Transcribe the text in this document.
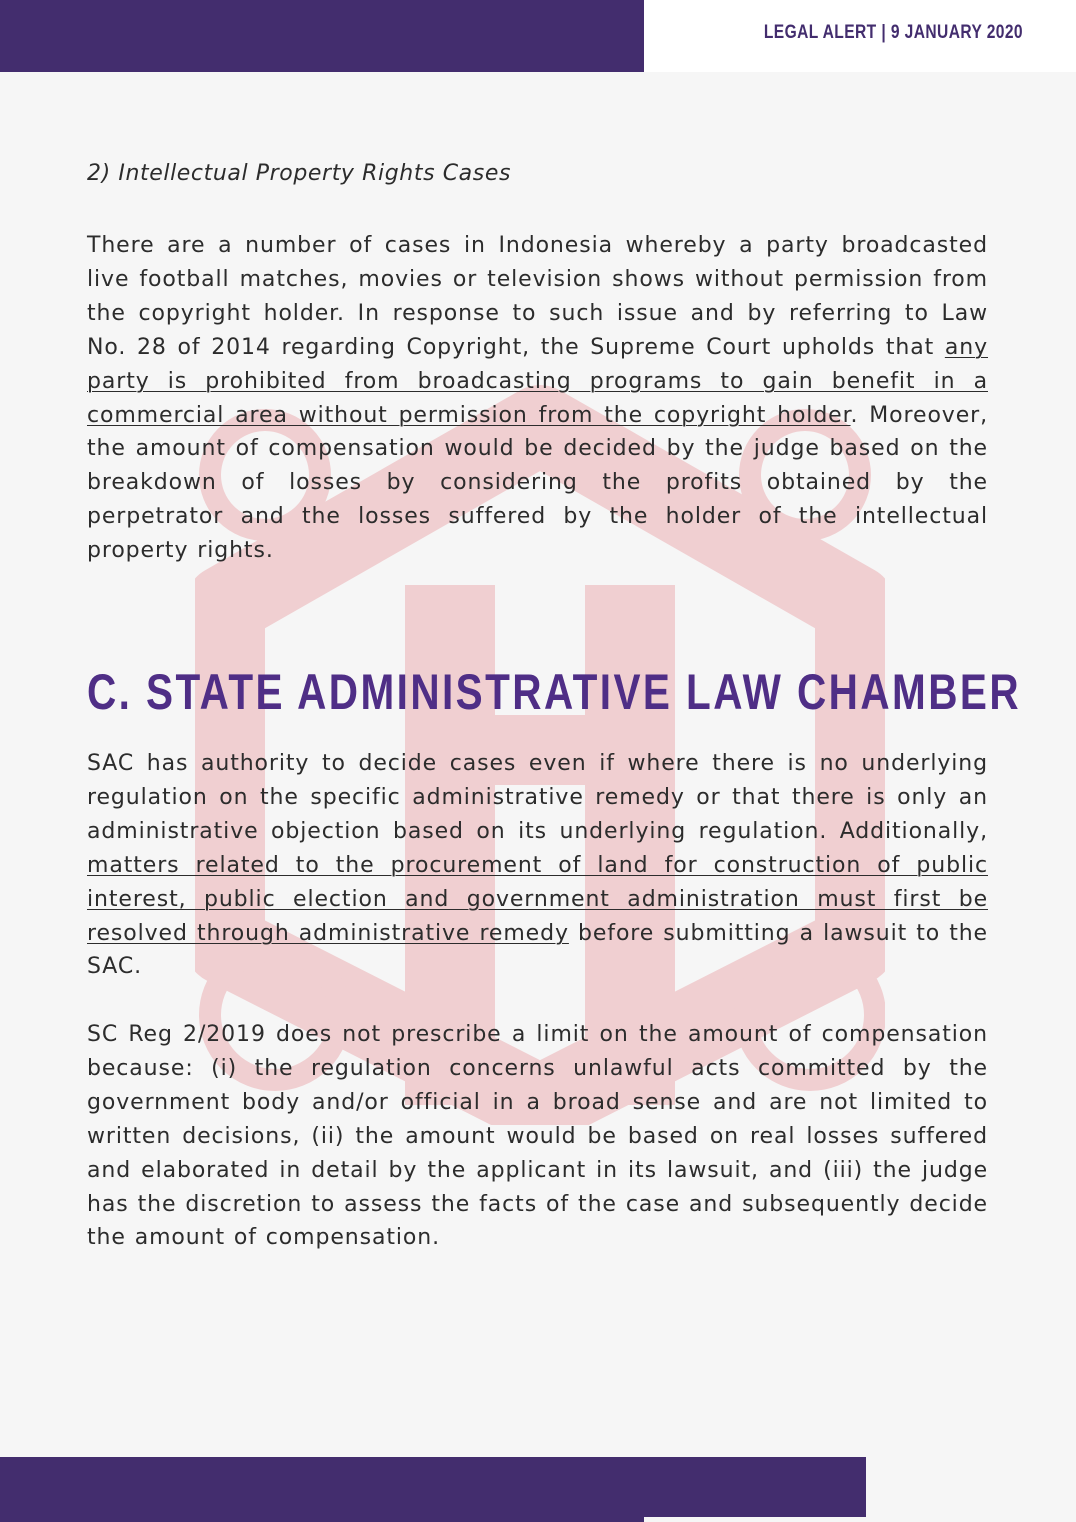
LEGAL ALERT | 9 JANUARY 2020
2) Intellectual Property Rights Cases

There are a number of cases in Indonesia whereby a party broadcasted live football matches, movies or television shows without permission from the copyright holder. In response to such issue and by referring to Law No. 28 of 2014 regarding Copyright, the Supreme Court upholds that any party is prohibited from broadcasting programs to gain benefit in a commercial area without permission from the copyright holder. Moreover, the amount of compensation would be decided by the judge based on the breakdown of losses by considering the profits obtained by the perpetrator and the losses suffered by the holder of the intellectual property rights.

C. STATE ADMINISTRATIVE LAW CHAMBER

SAC has authority to decide cases even if where there is no underlying regulation on the specific administrative remedy or that there is only an administrative objection based on its underlying regulation. Additionally, matters related to the procurement of land for construction of public interest, public election and government administration must first be resolved through administrative remedy before submitting a lawsuit to the SAC.

SC Reg 2/2019 does not prescribe a limit on the amount of compensation because: (i) the regulation concerns unlawful acts committed by the government body and/or official in a broad sense and are not limited to written decisions, (ii) the amount would be based on real losses suffered and elaborated in detail by the applicant in its lawsuit, and (iii) the judge has the discretion to assess the facts of the case and subsequently decide the amount of compensation.
